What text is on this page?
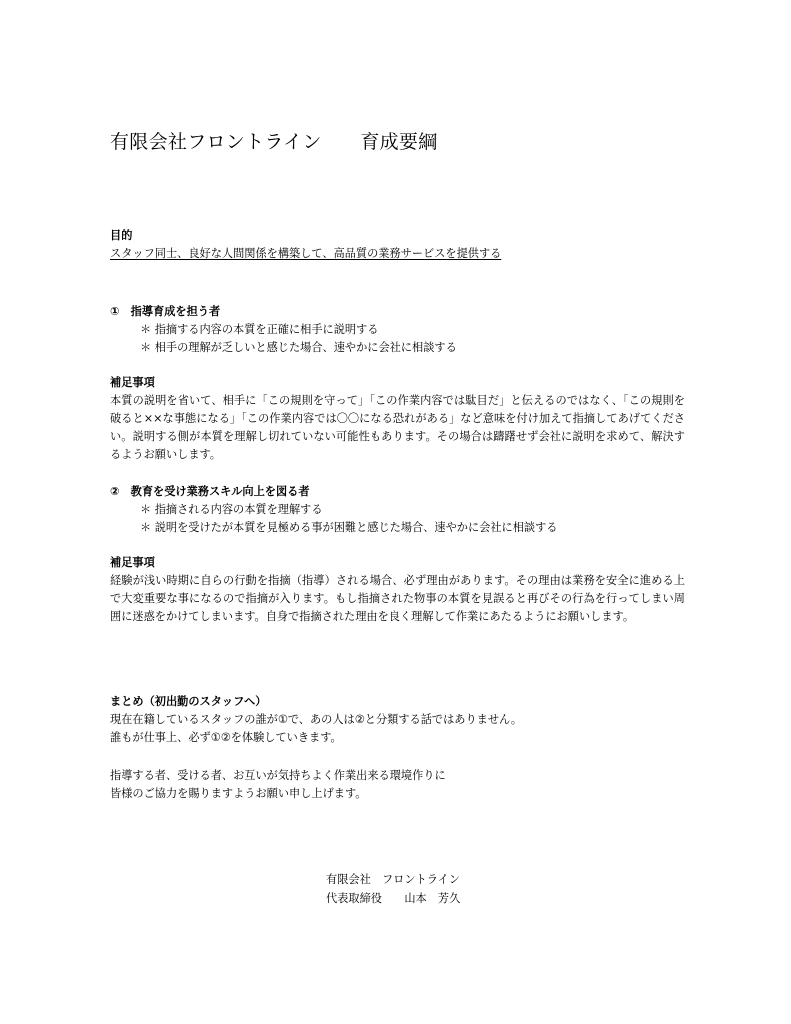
有限会社フロントライン　　育成要綱
目的
スタッフ同士、良好な人間関係を構築して、高品質の業務サービスを提供する
①　指導育成を担う者
＊ 指摘する内容の本質を正確に相手に説明する
＊ 相手の理解が乏しいと感じた場合、速やかに会社に相談する
補足事項
本質の説明を省いて、相手に「この規則を守って」「この作業内容では駄目だ」と伝えるのではなく、「この規則を破ると××な事態になる」「この作業内容では〇〇になる恐れがある」など意味を付け加えて指摘してあげてください。説明する側が本質を理解し切れていない可能性もあります。その場合は躊躇せず会社に説明を求めて、解決するようお願いします。
②　教育を受け業務スキル向上を図る者
＊ 指摘される内容の本質を理解する
＊ 説明を受けたが本質を見極める事が困難と感じた場合、速やかに会社に相談する
補足事項
経験が浅い時期に自らの行動を指摘（指導）される場合、必ず理由があります。その理由は業務を安全に進める上で大変重要な事になるので指摘が入ります。もし指摘された物事の本質を見誤ると再びその行為を行ってしまい周囲に迷惑をかけてしまいます。自身で指摘された理由を良く理解して作業にあたるようにお願いします。
まとめ（初出勤のスタッフへ）
現在在籍しているスタッフの誰が①で、あの人は②と分類する話ではありません。
誰もが仕事上、必ず①②を体験していきます。
指導する者、受ける者、お互いが気持ちよく作業出来る環境作りに
皆様のご協力を賜りますようお願い申し上げます。
有限会社　フロントライン
代表取締役　　山本　芳久
